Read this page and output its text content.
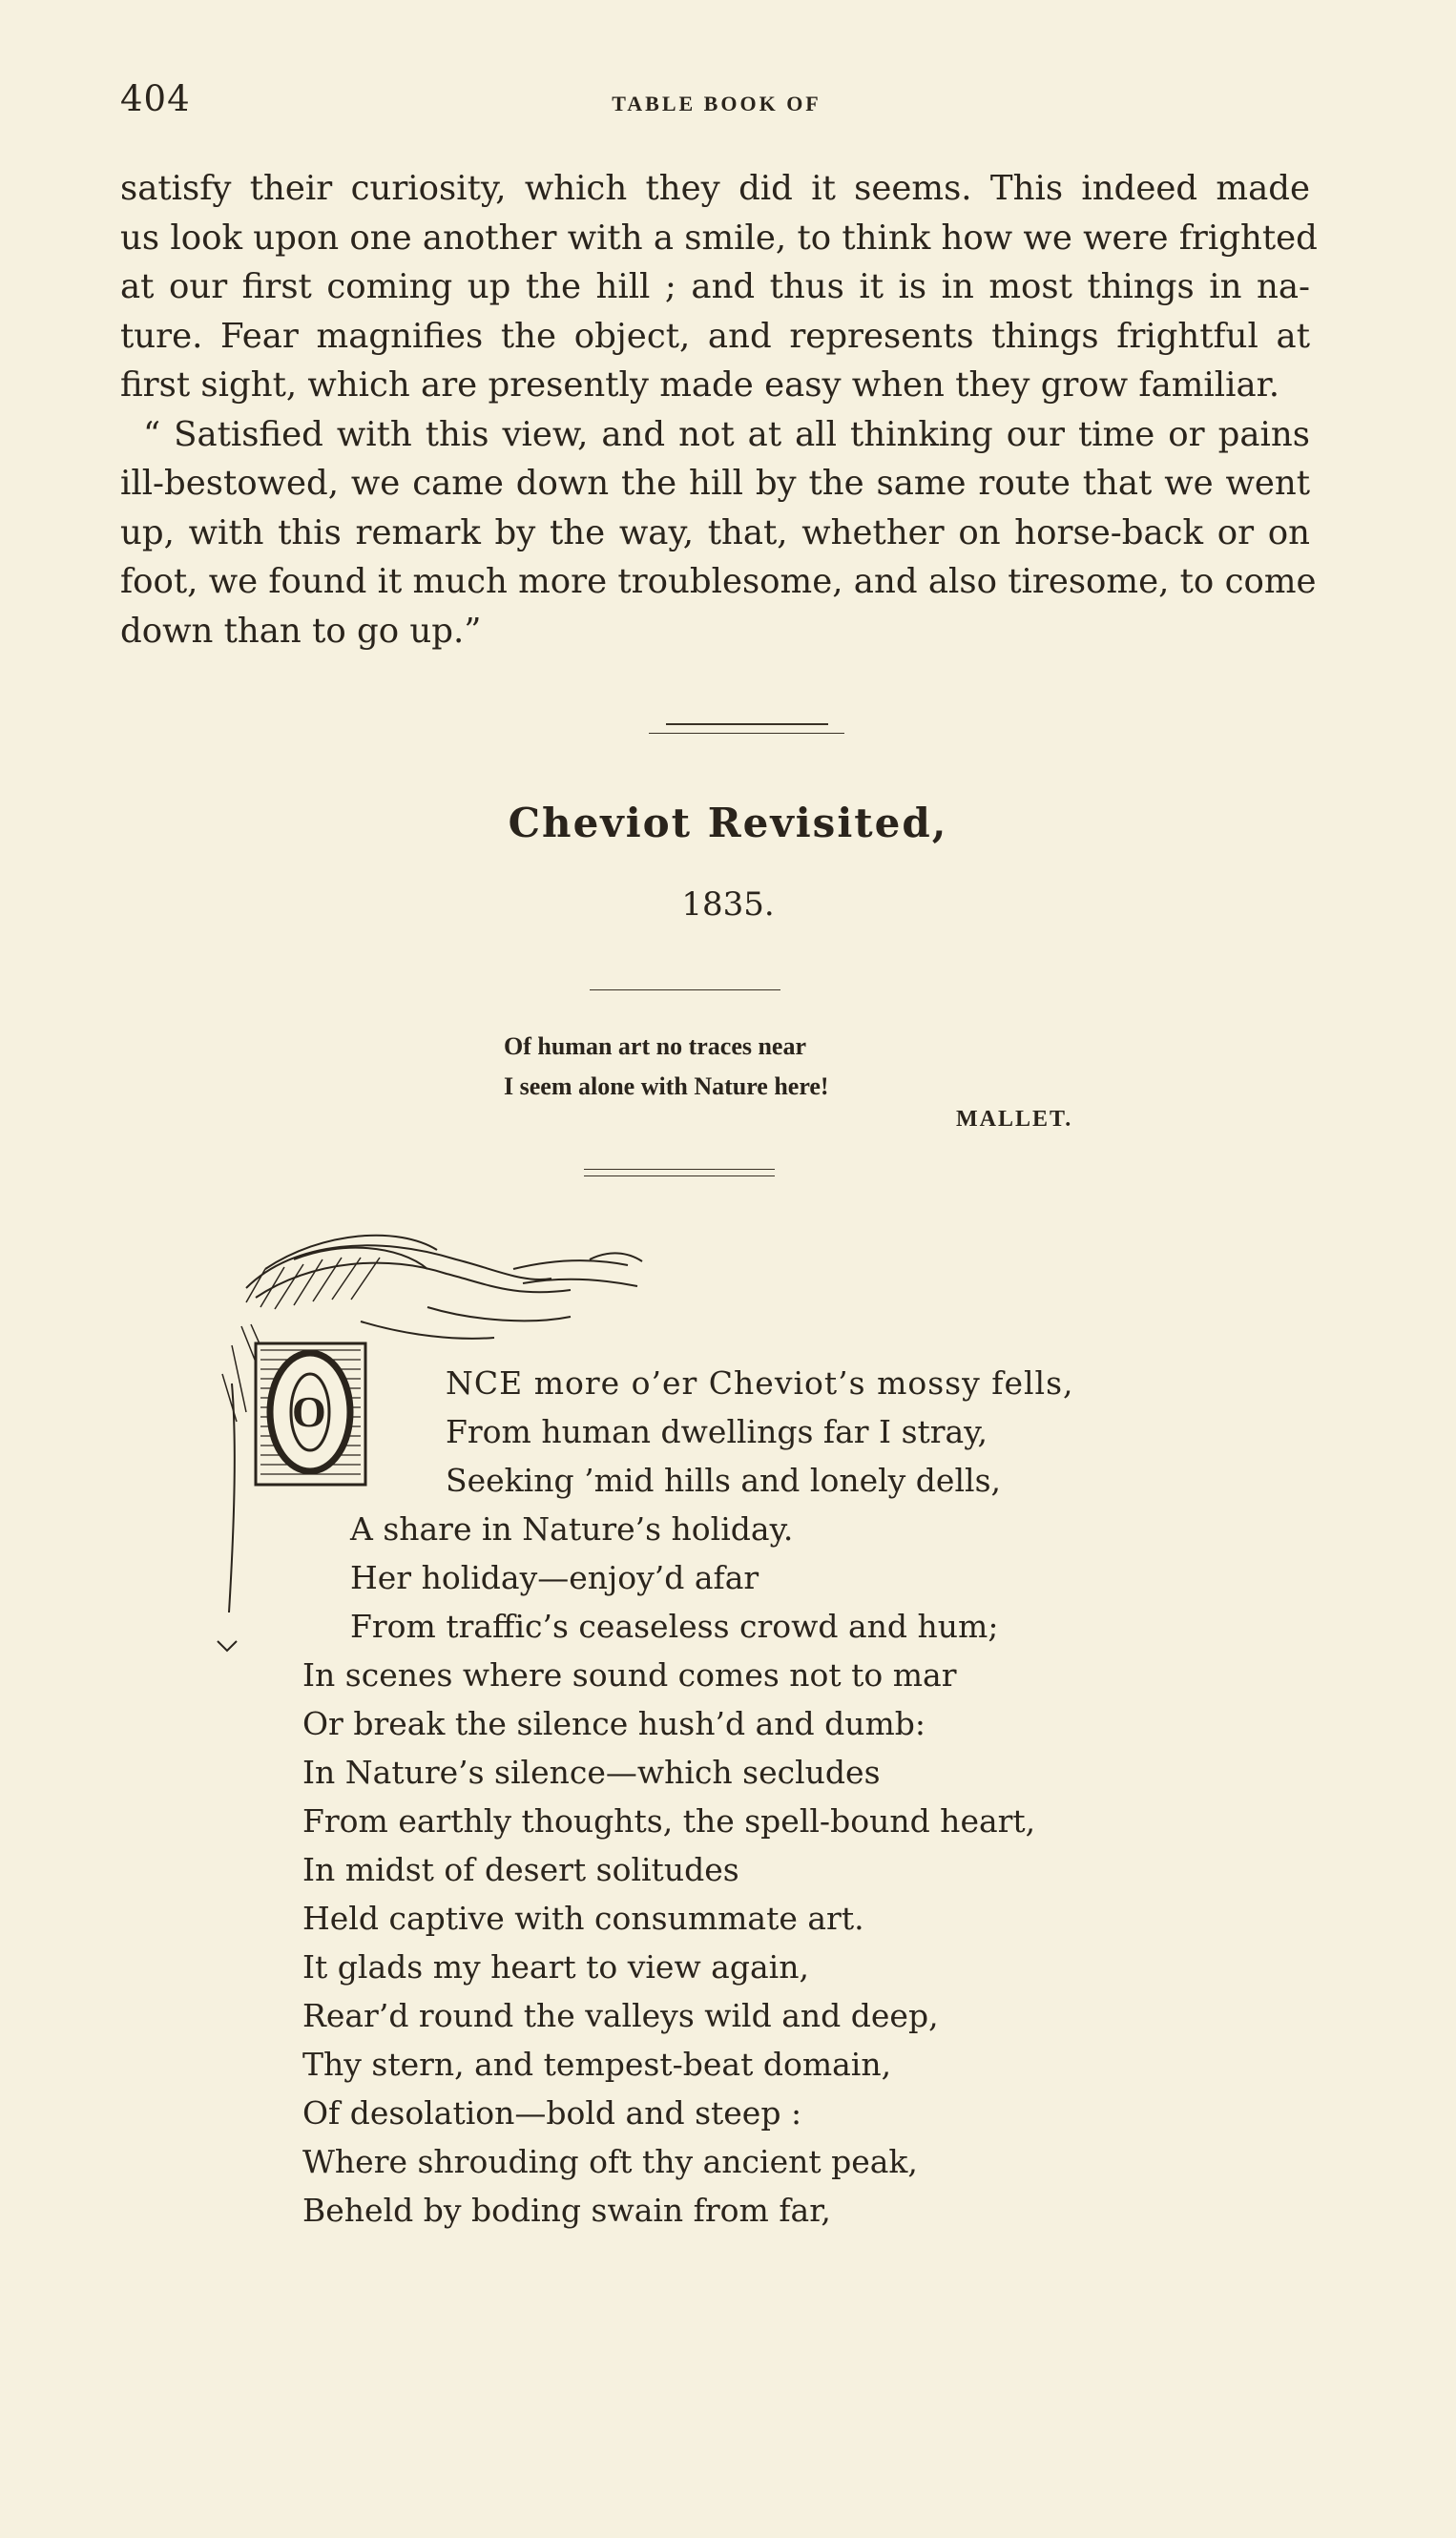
404	TABLE BOOK OF

satisfy their curiosity, which they did it seems. This indeed made
us look upon one another with a smile, to think how we were frighted
at our first coming up the hill ; and thus it is in most things in na-
ture. Fear magnifies the object, and represents things frightful at
first sight, which are presently made easy when they grow familiar.

“ Satisfied with this view, and not at all thinking our time or pains
ill-bestowed, we came down the hill by the same route that we went
up, with this remark by the way, that, whether on horse-back or on
foot, we found it much more troublesome, and also tiresome, to come
down than to go up.”

Cheviot Revisited,
1835.
Of human art no traces near
I seem alone with Nature here!
MALLET.
O
NCE more o’er Cheviot’s mossy fells,
From human dwellings far I stray,
Seeking ’mid hills and lonely dells,
A share in Nature’s holiday.
Her holiday—enjoy’d afar
From traffic’s ceaseless crowd and hum;
In scenes where sound comes not to mar
Or break the silence hush’d and dumb:
In Nature’s silence—which secludes
From earthly thoughts, the spell-bound heart,
In midst of desert solitudes
Held captive with consummate art.
It glads my heart to view again,
Rear’d round the valleys wild and deep,
Thy stern, and tempest-beat domain,
Of desolation—bold and steep :
Where shrouding oft thy ancient peak,
Beheld by boding swain from far,
